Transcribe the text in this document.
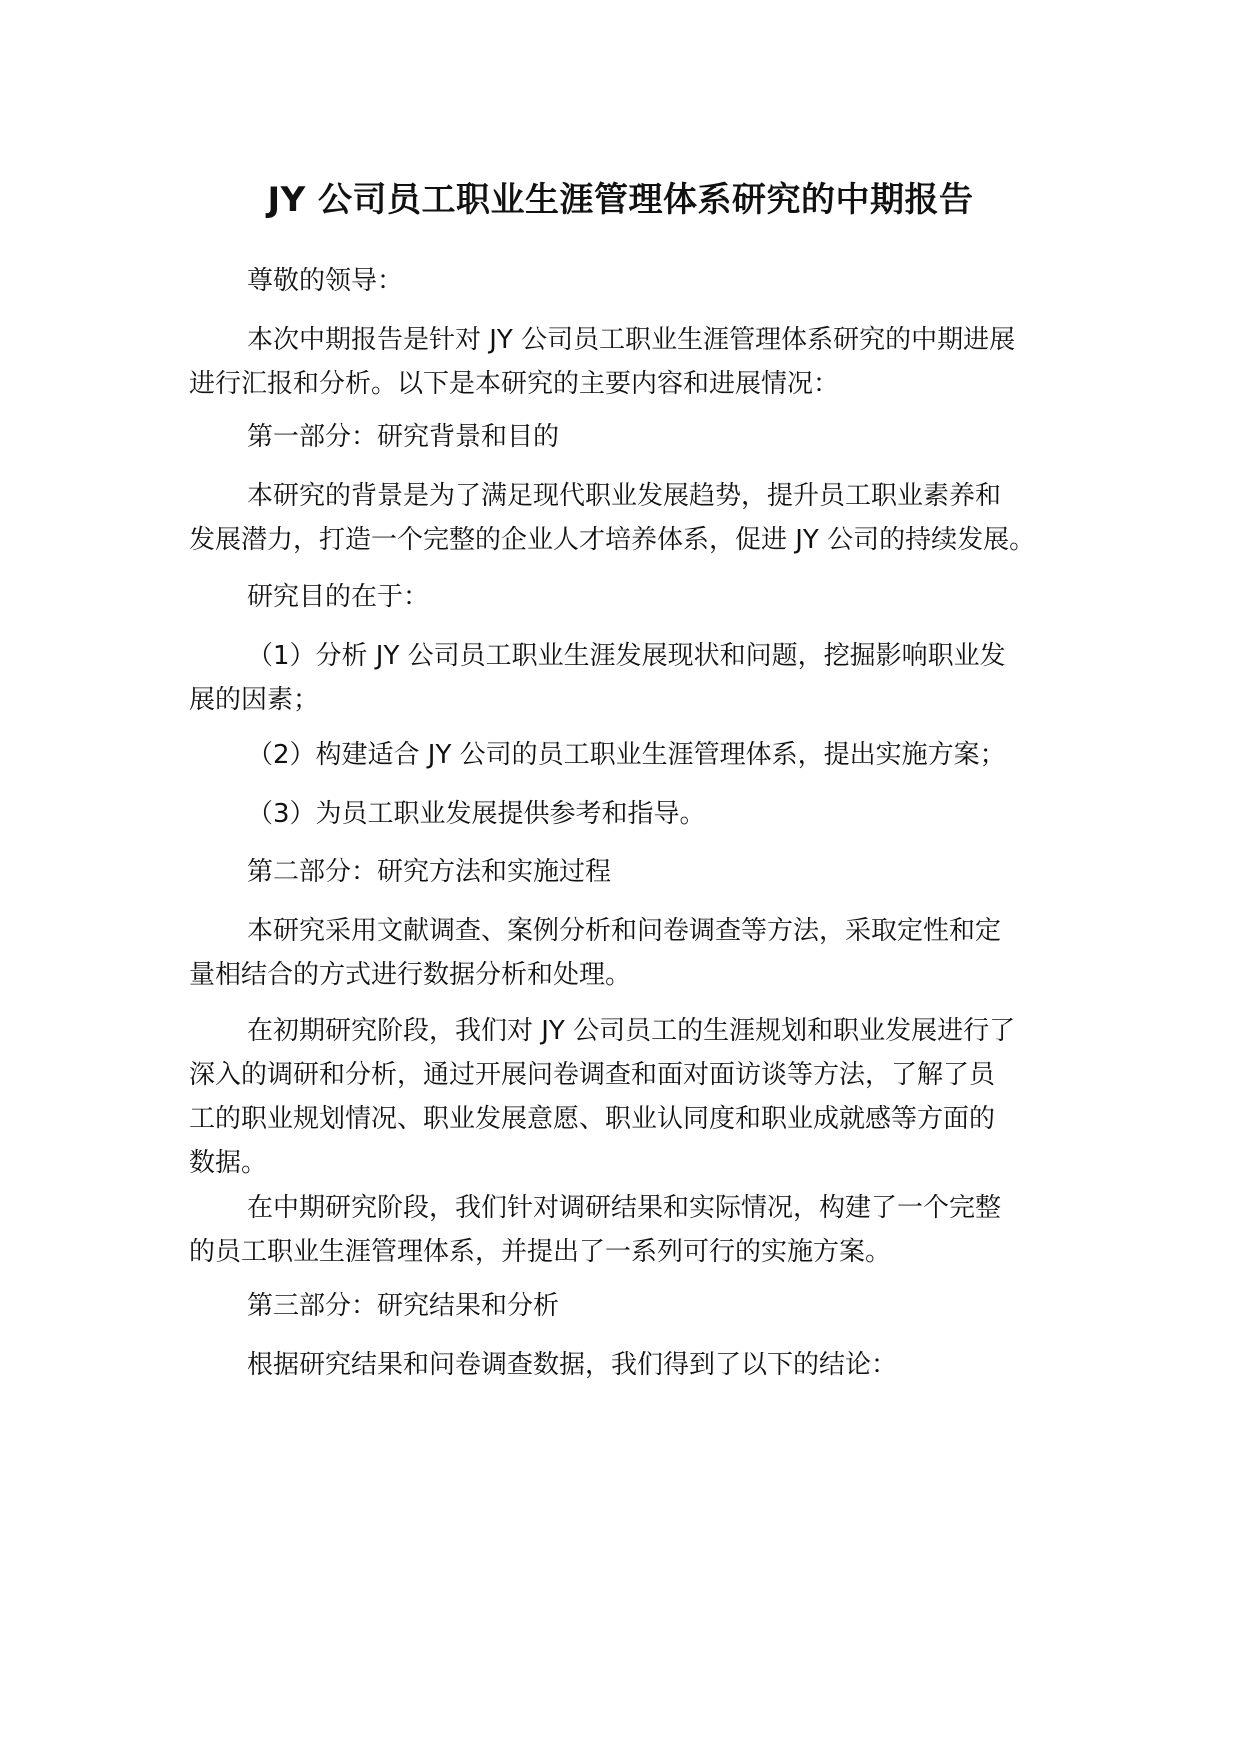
JY 公司员工职业生涯管理体系研究的中期报告
尊敬的领导：
本次中期报告是针对 JY 公司员工职业生涯管理体系研究的中期进展
进行汇报和分析。以下是本研究的主要内容和进展情况：
第一部分：研究背景和目的
本研究的背景是为了满足现代职业发展趋势，提升员工职业素养和
发展潜力，打造一个完整的企业人才培养体系，促进 JY 公司的持续发展。
研究目的在于：
（1）分析 JY 公司员工职业生涯发展现状和问题，挖掘影响职业发
展的因素；
（2）构建适合 JY 公司的员工职业生涯管理体系，提出实施方案；
（3）为员工职业发展提供参考和指导。
第二部分：研究方法和实施过程
本研究采用文献调查、案例分析和问卷调查等方法，采取定性和定
量相结合的方式进行数据分析和处理。
在初期研究阶段，我们对 JY 公司员工的生涯规划和职业发展进行了
深入的调研和分析，通过开展问卷调查和面对面访谈等方法，了解了员
工的职业规划情况、职业发展意愿、职业认同度和职业成就感等方面的
数据。
在中期研究阶段，我们针对调研结果和实际情况，构建了一个完整
的员工职业生涯管理体系，并提出了一系列可行的实施方案。
第三部分：研究结果和分析
根据研究结果和问卷调查数据，我们得到了以下的结论：
